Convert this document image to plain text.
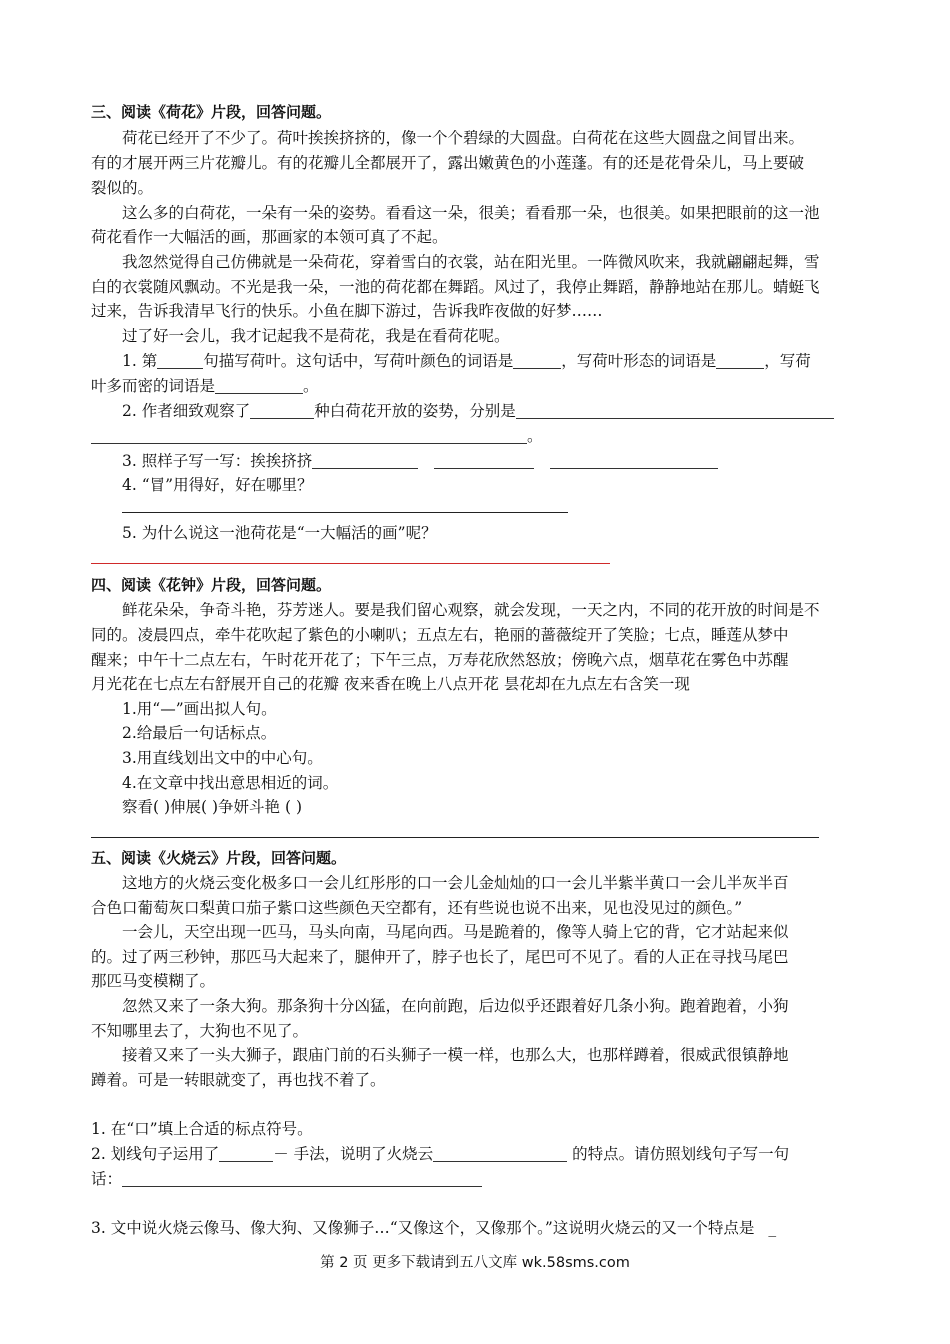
三、阅读《荷花》片段，回答问题。
荷花已经开了不少了。荷叶挨挨挤挤的，像一个个碧绿的大圆盘。白荷花在这些大圆盘之间冒出来。
有的才展开两三片花瓣儿。有的花瓣儿全都展开了，露出嫩黄色的小莲蓬。有的还是花骨朵儿，马上要破
裂似的。
这么多的白荷花，一朵有一朵的姿势。看看这一朵，很美；看看那一朵，也很美。如果把眼前的这一池
荷花看作一大幅活的画，那画家的本领可真了不起。
我忽然觉得自己仿佛就是一朵荷花，穿着雪白的衣裳，站在阳光里。一阵微风吹来，我就翩翩起舞，雪
白的衣裳随风飘动。不光是我一朵，一池的荷花都在舞蹈。风过了，我停止舞蹈，静静地站在那儿。蜻蜓飞
过来，告诉我清早飞行的快乐。小鱼在脚下游过，告诉我昨夜做的好梦……
过了好一会儿，我才记起我不是荷花，我是在看荷花呢。
1. 第	句描写荷叶。这句话中，写荷叶颜色的词语是	，写荷叶形态的词语是	，写荷
叶多而密的词语是	。
2. 作者细致观察了	种白荷花开放的姿势，分别是
。
3. 照样子写一写：挨挨挤挤
4. “冒”用得好，好在哪里？
5. 为什么说这一池荷花是“一大幅活的画”呢？
四、阅读《花钟》片段，回答问题。
鲜花朵朵，争奇斗艳，芬芳迷人。要是我们留心观察，就会发现，一天之内，不同的花开放的时间是不
同的。凌晨四点，牵牛花吹起了紫色的小喇叭；五点左右，艳丽的蔷薇绽开了笑脸；七点，睡莲从梦中
醒来；中午十二点左右，午时花开花了；下午三点，万寿花欣然怒放；傍晚六点，烟草花在雾色中苏醒
月光花在七点左右舒展开自己的花瓣 夜来香在晚上八点开花 昙花却在九点左右含笑一现
1.用“—”画出拟人句。
2.给最后一句话标点。
3.用直线划出文中的中心句。
4.在文章中找出意思相近的词。
察看( )伸展( )争妍斗艳 ( )
五、阅读《火烧云》片段，回答问题。
这地方的火烧云变化极多口一会儿红彤彤的口一会儿金灿灿的口一会儿半紫半黄口一会儿半灰半百
合色口葡萄灰口梨黄口茄子紫口这些颜色天空都有，还有些说也说不出来，见也没见过的颜色。”
一会儿，天空出现一匹马，马头向南，马尾向西。马是跪着的，像等人骑上它的背，它才站起来似
的。过了两三秒钟，那匹马大起来了，腿伸开了，脖子也长了，尾巴可不见了。看的人正在寻找马尾巴
那匹马变模糊了。
忽然又来了一条大狗。那条狗十分凶猛，在向前跑，后边似乎还跟着好几条小狗。跑着跑着，小狗
不知哪里去了，大狗也不见了。
接着又来了一头大狮子，跟庙门前的石头狮子一模一样，也那么大，也那样蹲着，很威武很镇静地
蹲着。可是一转眼就变了，再也找不着了。
1. 在“口”填上合适的标点符号。
2. 划线句子运用了	－ 手法，说明了火烧云	的特点。请仿照划线句子写一句
话：
3. 文中说火烧云像马、像大狗、又像狮子…“又像这个，又像那个。”这说明火烧云的又一个特点是 _
第 2 页 更多下载请到五八文库 wk.58sms.com
